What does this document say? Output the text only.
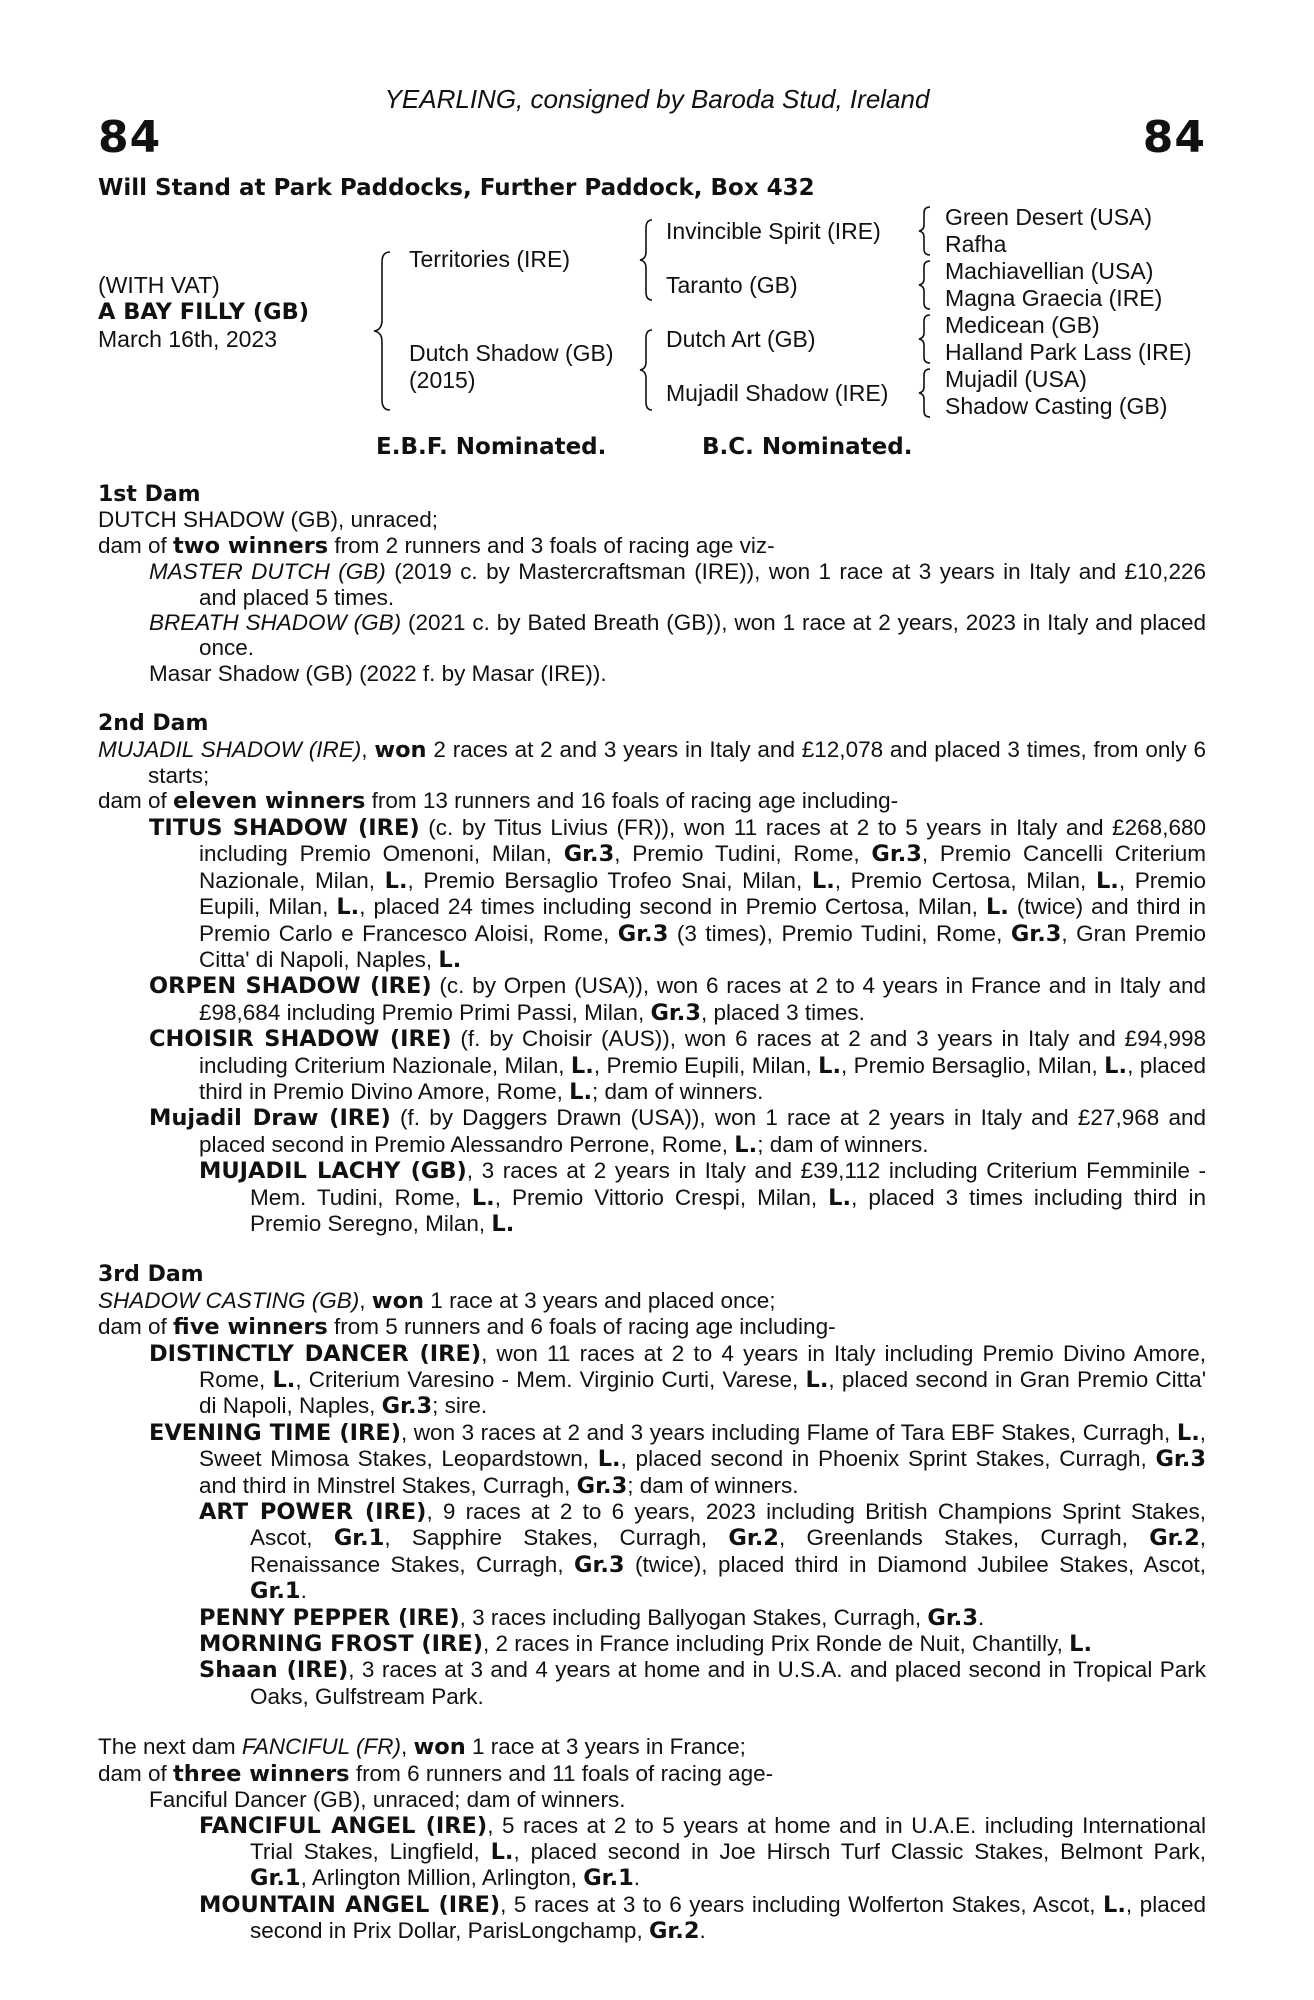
84	84
YEARLING, consigned by Baroda Stud, Ireland
Will Stand at Park Paddocks, Further Paddock, Box 432
(WITH VAT)
A BAY FILLY (GB)
March 16th, 2023
Territories (IRE)
Dutch Shadow (GB)
(2015)
Invincible Spirit (IRE)
Taranto (GB)
Dutch Art (GB)
Mujadil Shadow (IRE)
Green Desert (USA)
Rafha
Machiavellian (USA)
Magna Graecia (IRE)
Medicean (GB)
Halland Park Lass (IRE)
Mujadil (USA)
Shadow Casting (GB)
E.B.F. Nominated.	B.C. Nominated.

1st Dam

DUTCH SHADOW (GB), unraced;

dam of two winners from 2 runners and 3 foals of racing age viz-

MASTER DUTCH (GB) (2019 c. by Mastercraftsman (IRE)), won 1 race at 3 years in Italy and £10,226 and placed 5 times.

BREATH SHADOW (GB) (2021 c. by Bated Breath (GB)), won 1 race at 2 years, 2023 in Italy and placed once.

Masar Shadow (GB) (2022 f. by Masar (IRE)).

2nd Dam

MUJADIL SHADOW (IRE), won 2 races at 2 and 3 years in Italy and £12,078 and placed 3 times, from only 6 starts;

dam of eleven winners from 13 runners and 16 foals of racing age including-

TITUS SHADOW (IRE) (c. by Titus Livius (FR)), won 11 races at 2 to 5 years in Italy and £268,680 including Premio Omenoni, Milan, Gr.3, Premio Tudini, Rome, Gr.3, Premio Cancelli Criterium Nazionale, Milan, L., Premio Bersaglio Trofeo Snai, Milan, L., Premio Certosa, Milan, L., Premio Eupili, Milan, L., placed 24 times including second in Premio Certosa, Milan, L. (twice) and third in Premio Carlo e Francesco Aloisi, Rome, Gr.3 (3 times), Premio Tudini, Rome, Gr.3, Gran Premio Citta' di Napoli, Naples, L.

ORPEN SHADOW (IRE) (c. by Orpen (USA)), won 6 races at 2 to 4 years in France and in Italy and £98,684 including Premio Primi Passi, Milan, Gr.3, placed 3 times.

CHOISIR SHADOW (IRE) (f. by Choisir (AUS)), won 6 races at 2 and 3 years in Italy and £94,998 including Criterium Nazionale, Milan, L., Premio Eupili, Milan, L., Premio Bersaglio, Milan, L., placed third in Premio Divino Amore, Rome, L.; dam of winners.

Mujadil Draw (IRE) (f. by Daggers Drawn (USA)), won 1 race at 2 years in Italy and £27,968 and placed second in Premio Alessandro Perrone, Rome, L.; dam of winners.

MUJADIL LACHY (GB), 3 races at 2 years in Italy and £39,112 including Criterium Femminile - Mem. Tudini, Rome, L., Premio Vittorio Crespi, Milan, L., placed 3 times including third in Premio Seregno, Milan, L.

3rd Dam

SHADOW CASTING (GB), won 1 race at 3 years and placed once;

dam of five winners from 5 runners and 6 foals of racing age including-

DISTINCTLY DANCER (IRE), won 11 races at 2 to 4 years in Italy including Premio Divino Amore, Rome, L., Criterium Varesino - Mem. Virginio Curti, Varese, L., placed second in Gran Premio Citta' di Napoli, Naples, Gr.3; sire.

EVENING TIME (IRE), won 3 races at 2 and 3 years including Flame of Tara EBF Stakes, Curragh, L., Sweet Mimosa Stakes, Leopardstown, L., placed second in Phoenix Sprint Stakes, Curragh, Gr.3 and third in Minstrel Stakes, Curragh, Gr.3; dam of winners.

ART POWER (IRE), 9 races at 2 to 6 years, 2023 including British Champions Sprint Stakes, Ascot, Gr.1, Sapphire Stakes, Curragh, Gr.2, Greenlands Stakes, Curragh, Gr.2, Renaissance Stakes, Curragh, Gr.3 (twice), placed third in Diamond Jubilee Stakes, Ascot, Gr.1.

PENNY PEPPER (IRE), 3 races including Ballyogan Stakes, Curragh, Gr.3.

MORNING FROST (IRE), 2 races in France including Prix Ronde de Nuit, Chantilly, L.

Shaan (IRE), 3 races at 3 and 4 years at home and in U.S.A. and placed second in Tropical Park Oaks, Gulfstream Park.

The next dam FANCIFUL (FR), won 1 race at 3 years in France;

dam of three winners from 6 runners and 11 foals of racing age-

Fanciful Dancer (GB), unraced; dam of winners.

FANCIFUL ANGEL (IRE), 5 races at 2 to 5 years at home and in U.A.E. including International Trial Stakes, Lingfield, L., placed second in Joe Hirsch Turf Classic Stakes, Belmont Park, Gr.1, Arlington Million, Arlington, Gr.1.

MOUNTAIN ANGEL (IRE), 5 races at 3 to 6 years including Wolferton Stakes, Ascot, L., placed second in Prix Dollar, ParisLongchamp, Gr.2.
